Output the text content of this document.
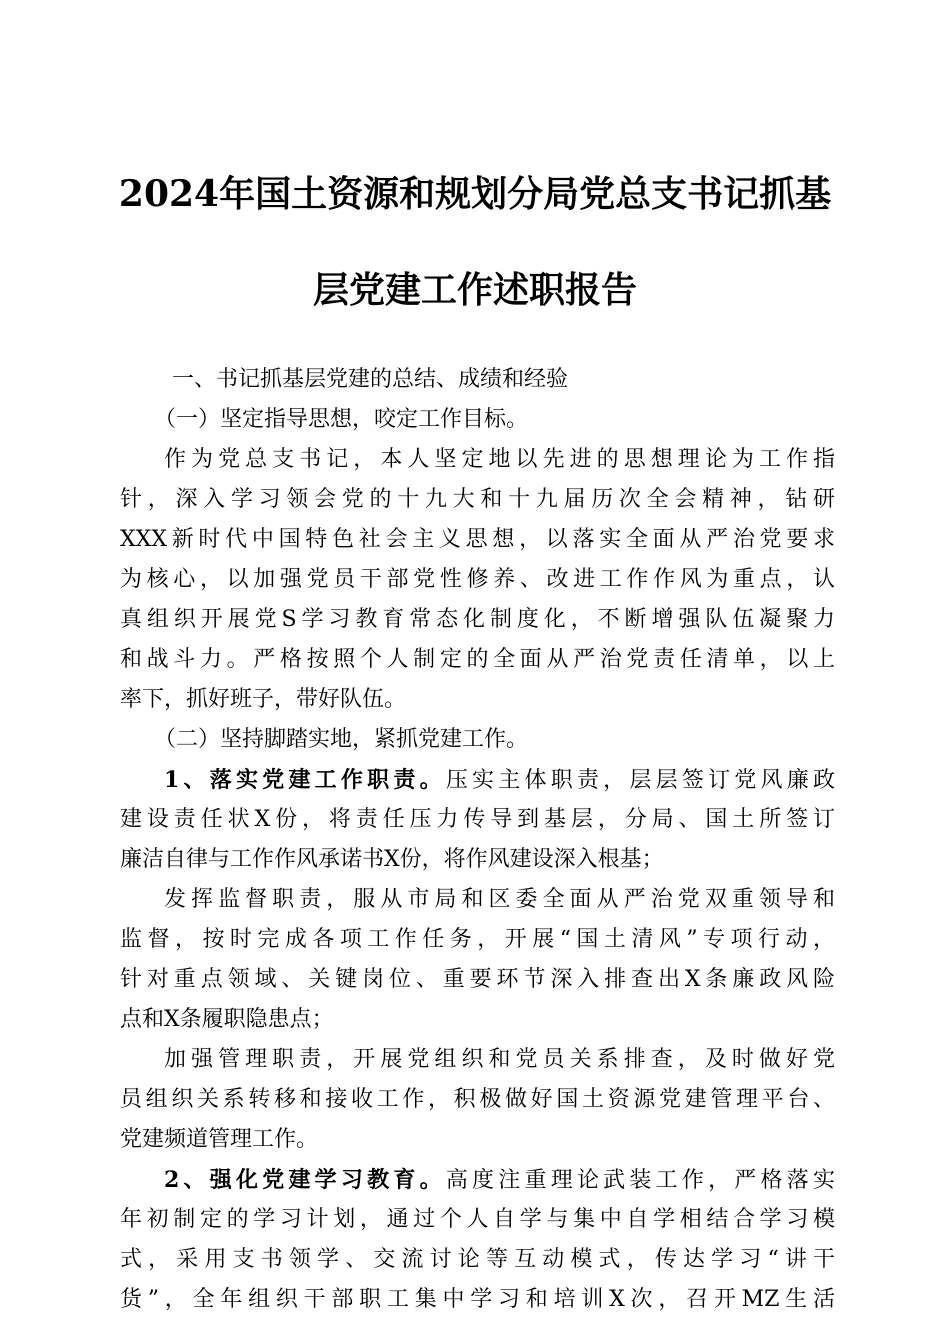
2024年国土资源和规划分局党总支书记抓基
层党建工作述职报告
一、书记抓基层党建的总结、成绩和经验
（一）坚定指导思想，咬定工作目标。
作为党总支书记，本人坚定地以先进的思想理论为工作指
针，深入学习领会党的十九大和十九届历次全会精神，钻研
XXX新时代中国特色社会主义思想，以落实全面从严治党要求
为核心，以加强党员干部党性修养、改进工作作风为重点，认
真组织开展党S学习教育常态化制度化，不断增强队伍凝聚力
和战斗力。严格按照个人制定的全面从严治党责任清单，以上
率下，抓好班子，带好队伍。
（二）坚持脚踏实地，紧抓党建工作。
1、落实党建工作职责。压实主体职责，层层签订党风廉政
建设责任状X份，将责任压力传导到基层，分局、国土所签订
廉洁自律与工作作风承诺书X份，将作风建设深入根基；
发挥监督职责，服从市局和区委全面从严治党双重领导和
监督，按时完成各项工作任务，开展“国土清风”专项行动，
针对重点领域、关键岗位、重要环节深入排查出X条廉政风险
点和X条履职隐患点；
加强管理职责，开展党组织和党员关系排查，及时做好党
员组织关系转移和接收工作，积极做好国土资源党建管理平台、
党建频道管理工作。
2、强化党建学习教育。高度注重理论武装工作，严格落实
年初制定的学习计划，通过个人自学与集中自学相结合学习模
式，采用支书领学、交流讨论等互动模式，传达学习“讲干
货”，全年组织干部职工集中学习和培训X次，召开MZ生活
